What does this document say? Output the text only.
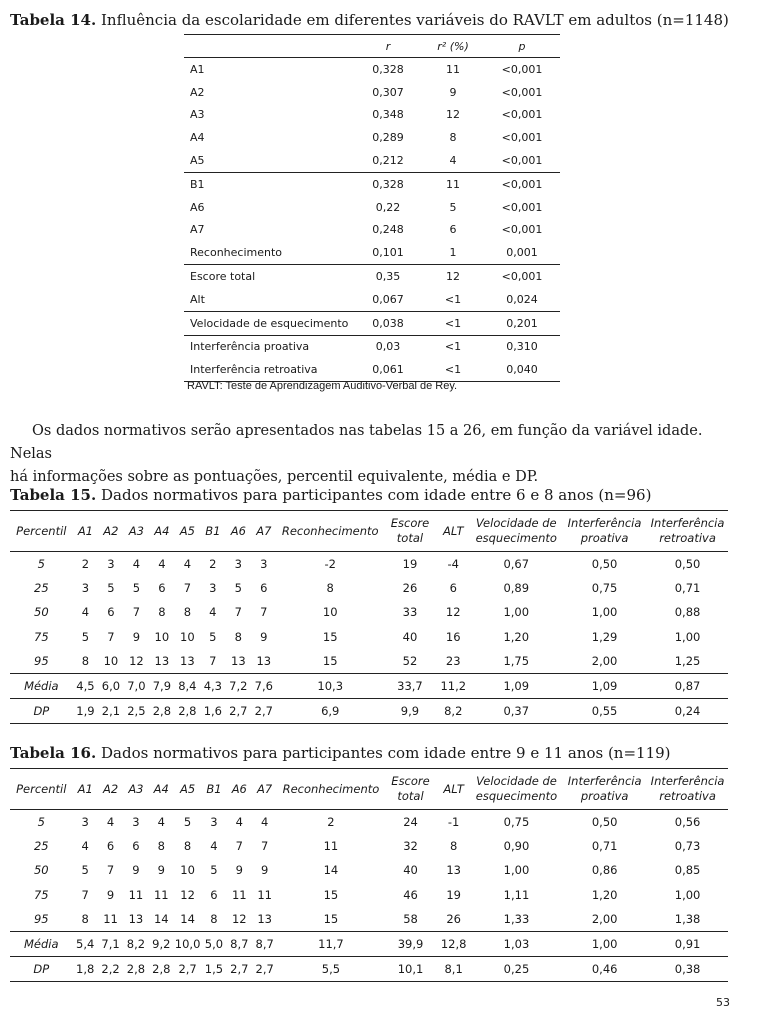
Tabela 14. Influência da escolaridade em diferentes variáveis do RAVLT em adultos (n=1148)
	r	r² (%)	p
A1	0,328	11	<0,001
A2	0,307	9	<0,001
A3	0,348	12	<0,001
A4	0,289	8	<0,001
A5	0,212	4	<0,001
B1	0,328	11	<0,001
A6	0,22	5	<0,001
A7	0,248	6	<0,001
Reconhecimento	0,101	1	0,001
Escore total	0,35	12	<0,001
Alt	0,067	<1	0,024
Velocidade de esquecimento	0,038	<1	0,201
Interferência proativa	0,03	<1	0,310
Interferência retroativa	0,061	<1	0,040
RAVLT: Teste de Aprendizagem Auditivo-Verbal de Rey.

Os dados normativos serão apresentados nas tabelas 15 a 26, em função da variável idade. Nelas

há informações sobre as pontuações, percentil equivalente, média e DP.

Tabela 15. Dados normativos para participantes com idade entre 6 e 8 anos (n=96)
Percentil	A1	A2	A3	A4	A5	B1	A6	A7	Reconhecimento	Escore total	ALT	Velocidade de esquecimento	Interferência proativa	Interferência retroativa
5	2	3	4	4	4	2	3	3	-2	19	-4	0,67	0,50	0,50
25	3	5	5	6	7	3	5	6	8	26	6	0,89	0,75	0,71
50	4	6	7	8	8	4	7	7	10	33	12	1,00	1,00	0,88
75	5	7	9	10	10	5	8	9	15	40	16	1,20	1,29	1,00
95	8	10	12	13	13	7	13	13	15	52	23	1,75	2,00	1,25
Média	4,5	6,0	7,0	7,9	8,4	4,3	7,2	7,6	10,3	33,7	11,2	1,09	1,09	0,87
DP	1,9	2,1	2,5	2,8	2,8	1,6	2,7	2,7	6,9	9,9	8,2	0,37	0,55	0,24
Tabela 16. Dados normativos para participantes com idade entre 9 e 11 anos (n=119)
Percentil	A1	A2	A3	A4	A5	B1	A6	A7	Reconhecimento	Escore total	ALT	Velocidade de esquecimento	Interferência proativa	Interferência retroativa
5	3	4	3	4	5	3	4	4	2	24	-1	0,75	0,50	0,56
25	4	6	6	8	8	4	7	7	11	32	8	0,90	0,71	0,73
50	5	7	9	9	10	5	9	9	14	40	13	1,00	0,86	0,85
75	7	9	11	11	12	6	11	11	15	46	19	1,11	1,20	1,00
95	8	11	13	14	14	8	12	13	15	58	26	1,33	2,00	1,38
Média	5,4	7,1	8,2	9,2	10,0	5,0	8,7	8,7	11,7	39,9	12,8	1,03	1,00	0,91
DP	1,8	2,2	2,8	2,8	2,7	1,5	2,7	2,7	5,5	10,1	8,1	0,25	0,46	0,38
53
